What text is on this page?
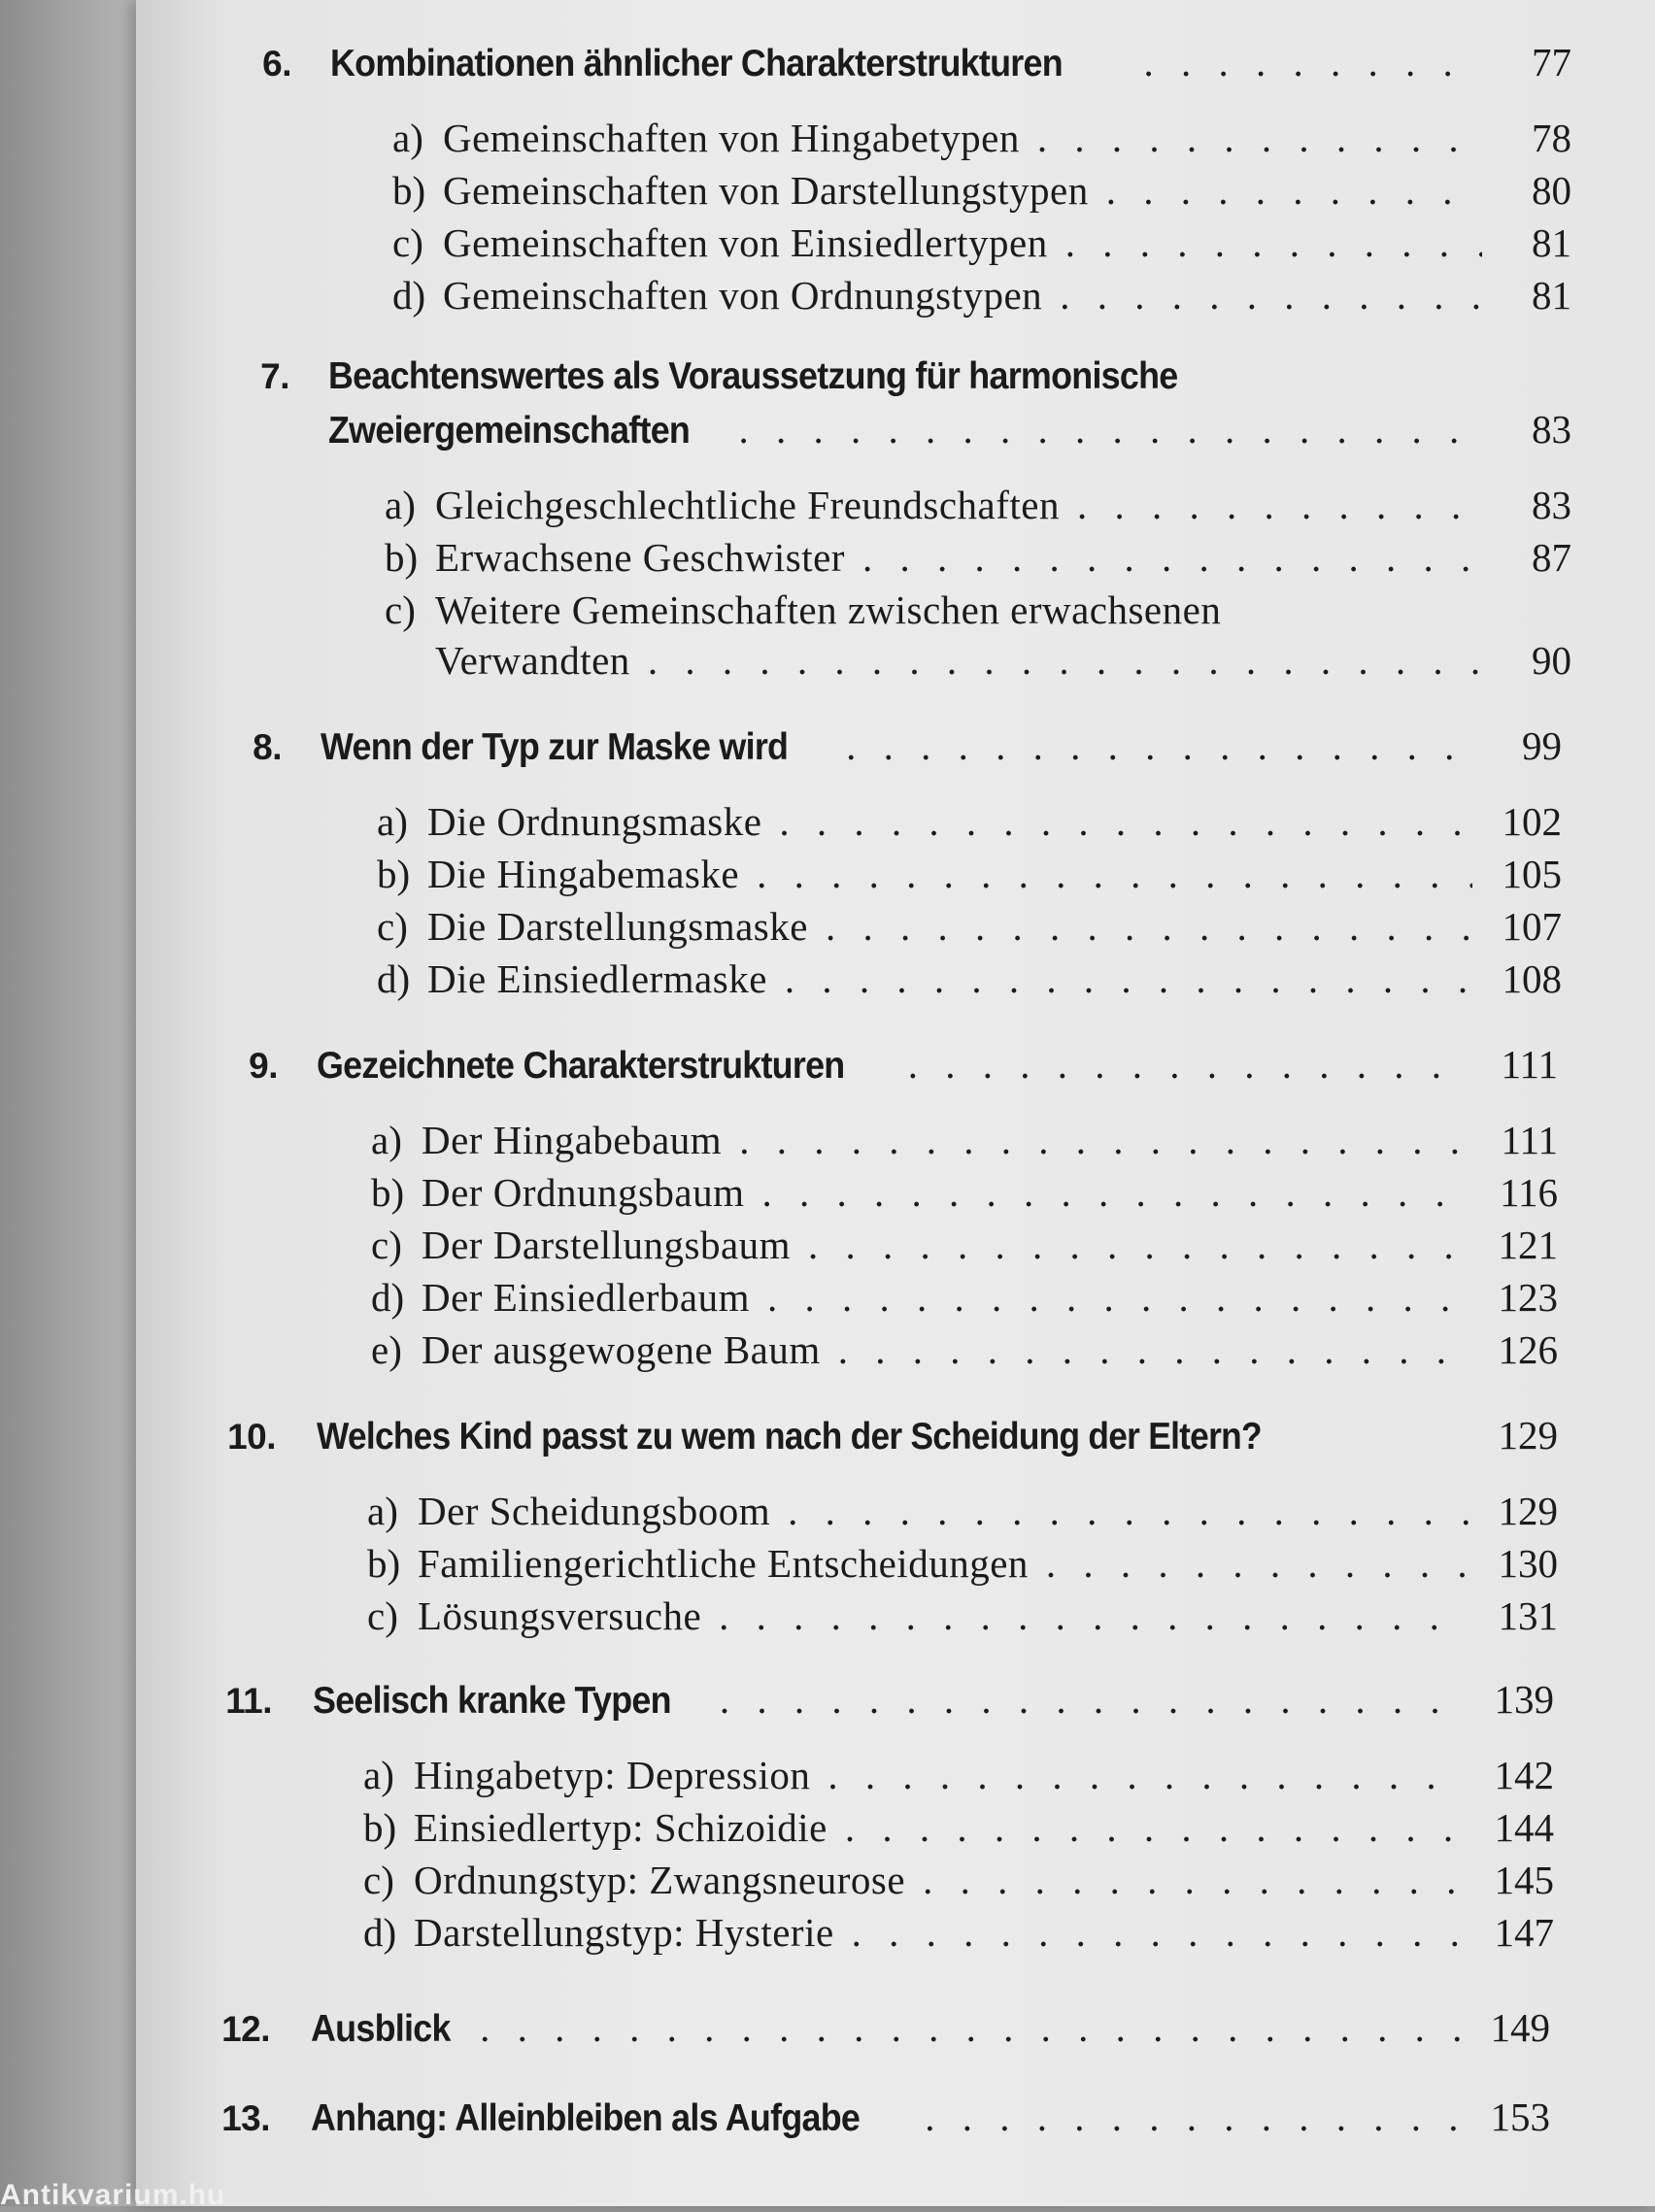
6. Kombinationen ähnlicher Charakterstrukturen . . .	77
a) Gemeinschaften von Hingabetypen . . .	78
b) Gemeinschaften von Darstellungstypen . . .	80
c) Gemeinschaften von Einsiedlertypen . . .	81
d) Gemeinschaften von Ordnungstypen . . .	81
7. Beachtenswertes als Voraussetzung für harmonische
Zweiergemeinschaften . . .	83
a) Gleichgeschlechtliche Freundschaften . . .	83
b) Erwachsene Geschwister . . .	87
c) Weitere Gemeinschaften zwischen erwachsenen
Verwandten . . .	90
8. Wenn der Typ zur Maske wird . . .	99
a) Die Ordnungsmaske . . .	102
b) Die Hingabemaske . . .	105
c) Die Darstellungsmaske . . .	107
d) Die Einsiedlermaske . . .	108
9. Gezeichnete Charakterstrukturen . . .	111
a) Der Hingabebaum . . .	111
b) Der Ordnungsbaum . . .	116
c) Der Darstellungsbaum . . .	121
d) Der Einsiedlerbaum . . .	123
e) Der ausgewogene Baum . . .	126
10. Welches Kind passt zu wem nach der Scheidung der Eltern?	129
a) Der Scheidungsboom . . .	129
b) Familiengerichtliche Entscheidungen . . .	130
c) Lösungsversuche . . .	131
11. Seelisch kranke Typen . . .	139
a) Hingabetyp: Depression . . .	142
b) Einsiedlertyp: Schizoidie . . .	144
c) Ordnungstyp: Zwangsneurose . . .	145
d) Darstellungstyp: Hysterie . . .	147
12. Ausblick . . .	149
13. Anhang: Alleinbleiben als Aufgabe . . .	153
Antikvarium.hu
